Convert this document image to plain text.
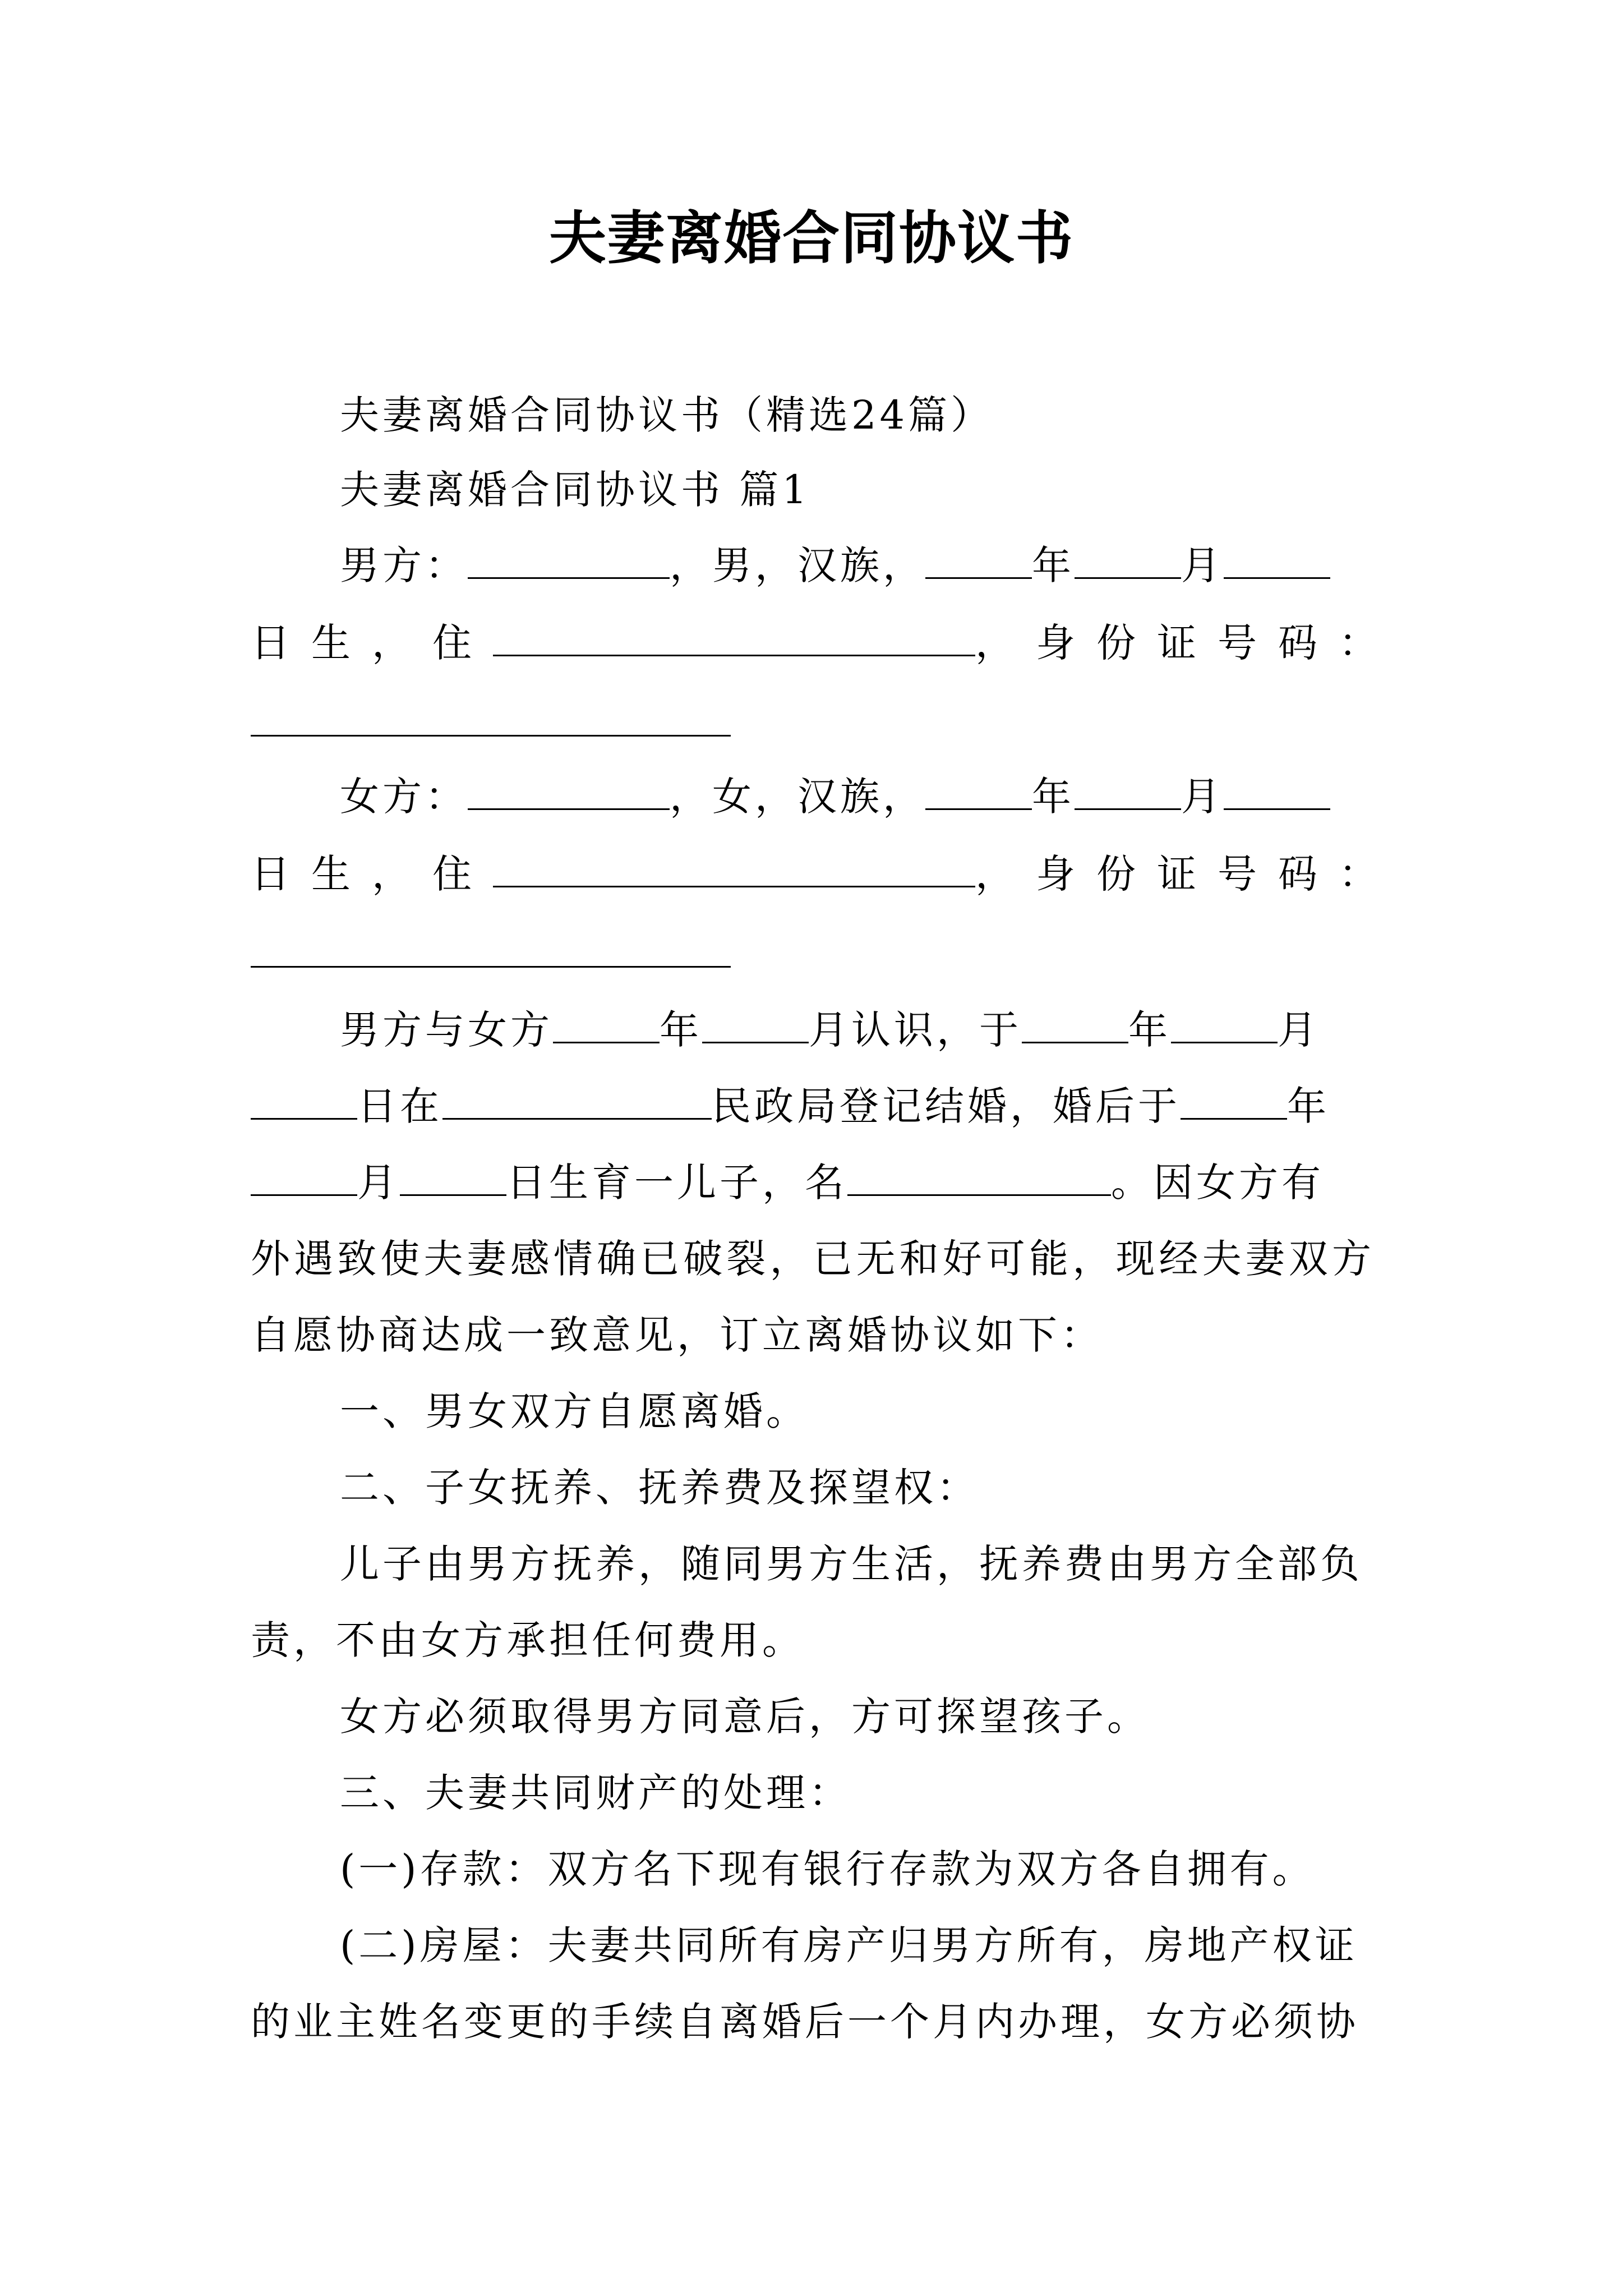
夫妻离婚合同协议书
夫妻离婚合同协议书（精选24篇）
夫妻离婚合同协议书 篇1
男方：	，男，汉族，	年	月
日生，住	，身份证号码：
女方：	，女，汉族，	年	月
日生，住	，身份证号码：
男方与女方	年	月认识，于	年	月
日在	民政局登记结婚，婚后于	年
月	日生育一儿子，名	。因女方有
外遇致使夫妻感情确已破裂，已无和好可能，现经夫妻双方
自愿协商达成一致意见，订立离婚协议如下：
一、男女双方自愿离婚。
二、子女抚养、抚养费及探望权：
儿子由男方抚养，随同男方生活，抚养费由男方全部负
责，不由女方承担任何费用。
女方必须取得男方同意后，方可探望孩子。
三、夫妻共同财产的处理：
(一)存款：双方名下现有银行存款为双方各自拥有。
(二)房屋：夫妻共同所有房产归男方所有，房地产权证
的业主姓名变更的手续自离婚后一个月内办理，女方必须协
